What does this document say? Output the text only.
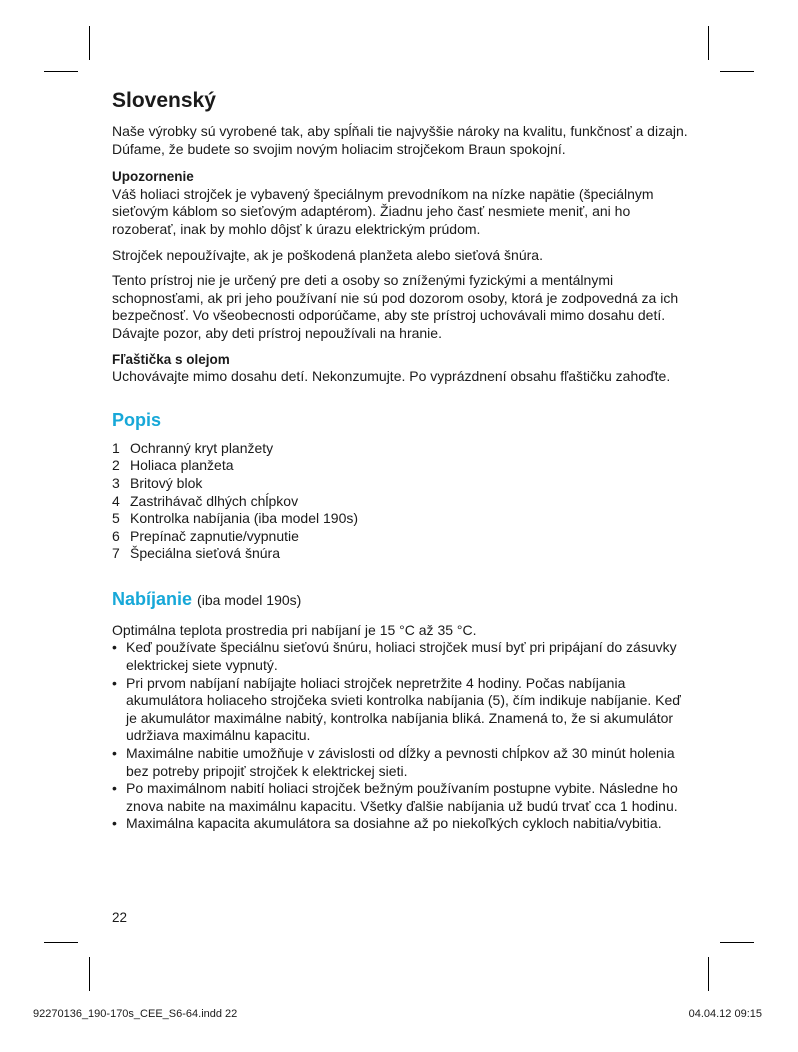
Slovenský

Naše výrobky sú vyrobené tak, aby spĺňali tie najvyššie nároky na kvalitu, funkčnosť a dizajn. Dúfame, že budete so svojim novým holiacim strojčekom Braun spokojní.

Upozornenie

Váš holiaci strojček je vybavený špeciálnym prevodníkom na nízke napätie (špeciálnym sieťovým káblom so sieťovým adaptérom). Žiadnu jeho časť nesmiete meniť, ani ho rozoberať, inak by mohlo dôjsť k úrazu elektrickým prúdom.

Strojček nepoužívajte, ak je poškodená planžeta alebo sieťová šnúra.

Tento prístroj nie je určený pre deti a osoby so zníženými fyzickými a mentálnymi schopnosťami, ak pri jeho používaní nie sú pod dozorom osoby, ktorá je zodpovedná za ich bezpečnosť. Vo všeobecnosti odporúčame, aby ste prístroj uchovávali mimo dosahu detí. Dávajte pozor, aby deti prístroj nepoužívali na hranie.

Fľaštička s olejom

Uchovávajte mimo dosahu detí. Nekonzumujte. Po vyprázdnení obsahu fľaštičku zahoďte.

Popis
1 Ochranný kryt planžety
2 Holiaca planžeta
3 Britový blok
4 Zastrihávač dlhých chĺpkov
5 Kontrolka nabíjania (iba model 190s)
6 Prepínač zapnutie/vypnutie
7 Špeciálna sieťová šnúra
Nabíjanie (iba model 190s)

Optimálna teplota prostredia pri nabíjaní je 15 °C až 35 °C.

• Keď používate špeciálnu sieťovú šnúru, holiaci strojček musí byť pri pripájaní do zásuvky elektrickej siete vypnutý.
• Pri prvom nabíjaní nabíjajte holiaci strojček nepretržite 4 hodiny. Počas nabíjania akumulátora holiaceho strojčeka svieti kontrolka nabíjania (5), čím indikuje nabíjanie. Keď je akumulátor maximálne nabitý, kontrolka nabíjania bliká. Znamená to, že si akumulátor udržiava maximálnu kapacitu.
• Maximálne nabitie umožňuje v závislosti od dĺžky a pevnosti chĺpkov až 30 minút holenia bez potreby pripojiť strojček k elektrickej sieti.
• Po maximálnom nabití holiaci strojček bežným používaním postupne vybite. Následne ho znova nabite na maximálnu kapacitu. Všetky ďalšie nabíjania už budú trvať cca 1 hodinu.
• Maximálna kapacita akumulátora sa dosiahne až po niekoľkých cykloch nabitia/vybitia.
22
92270136_190-170s_CEE_S6-64.indd 22	04.04.12 09:15
